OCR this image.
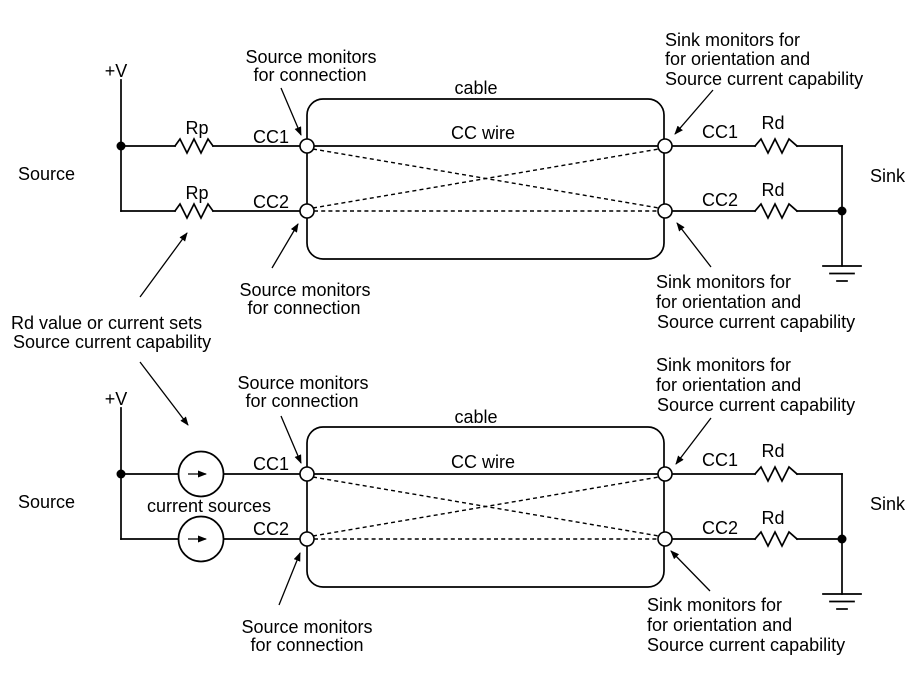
+V
Source
Rp
Rp
CC1
CC2
cable
CC wire	CC1
CC2
Rd
Rd
Sink
Source monitors
for connection
Source monitors
for connection
Sink monitors for
for orientation and
Source current capability
Sink monitors for
for orientation and
Source current capability
Rd value or current sets
Source current capability
+V
Source	current sources
CC1
CC2
cable
CC wire	CC1
CC2
Rd
Rd
Sink
Source monitors
for connection
Source monitors
for connection
Sink monitors for
for orientation and
Source current capability
Sink monitors for
for orientation and
Source current capability
